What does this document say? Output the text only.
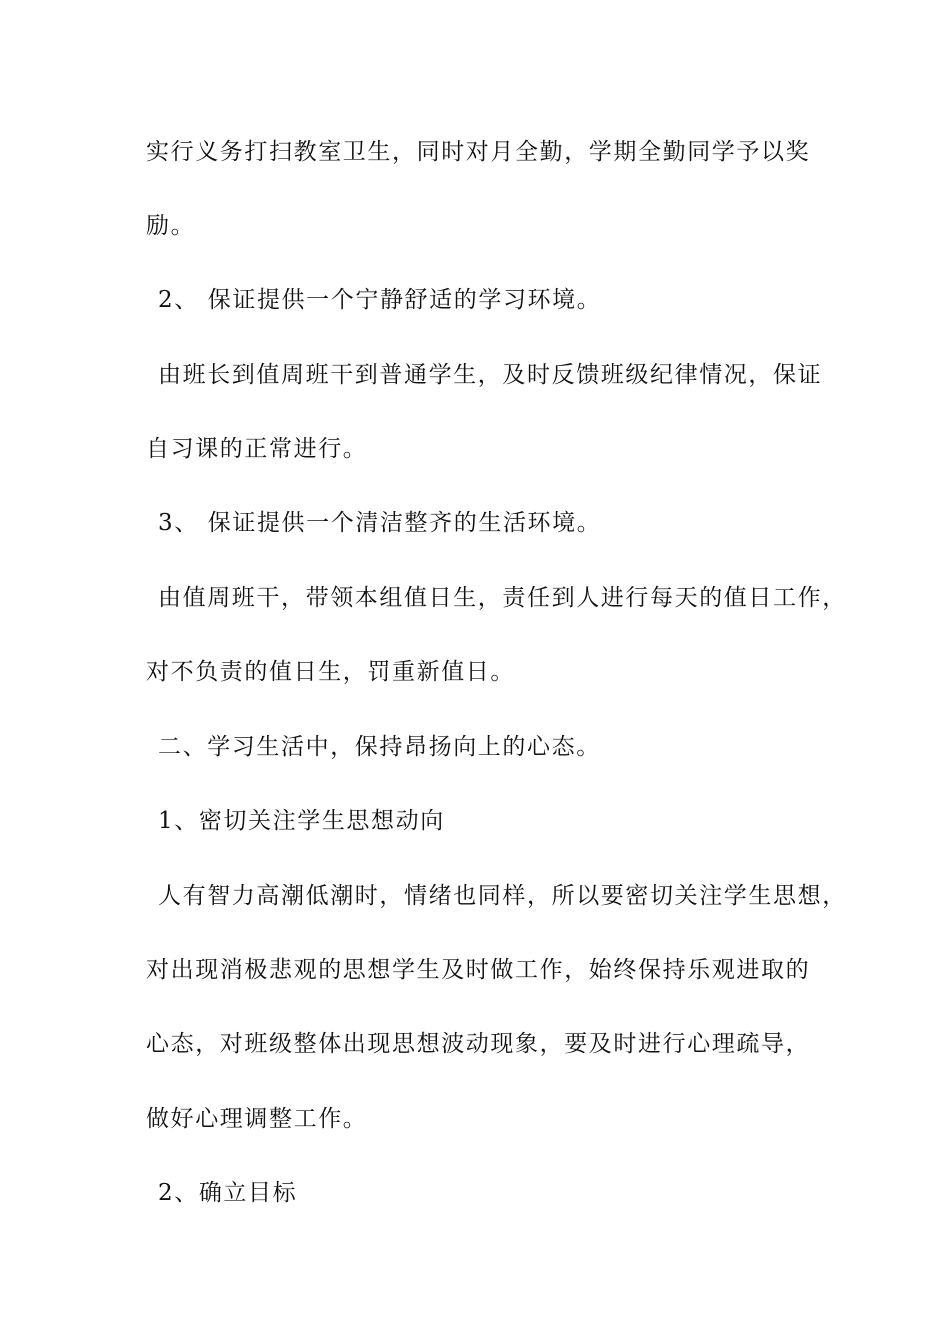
实行义务打扫教室卫生，同时对月全勤，学期全勤同学予以奖
励。
2、 保证提供一个宁静舒适的学习环境。
由班长到值周班干到普通学生，及时反馈班级纪律情况，保证
自习课的正常进行。
3、 保证提供一个清洁整齐的生活环境。
由值周班干，带领本组值日生，责任到人进行每天的值日工作，
对不负责的值日生，罚重新值日。
二、学习生活中，保持昂扬向上的心态。
1、密切关注学生思想动向
人有智力高潮低潮时，情绪也同样，所以要密切关注学生思想，
对出现消极悲观的思想学生及时做工作，始终保持乐观进取的
心态，对班级整体出现思想波动现象，要及时进行心理疏导，
做好心理调整工作。
2、确立目标
